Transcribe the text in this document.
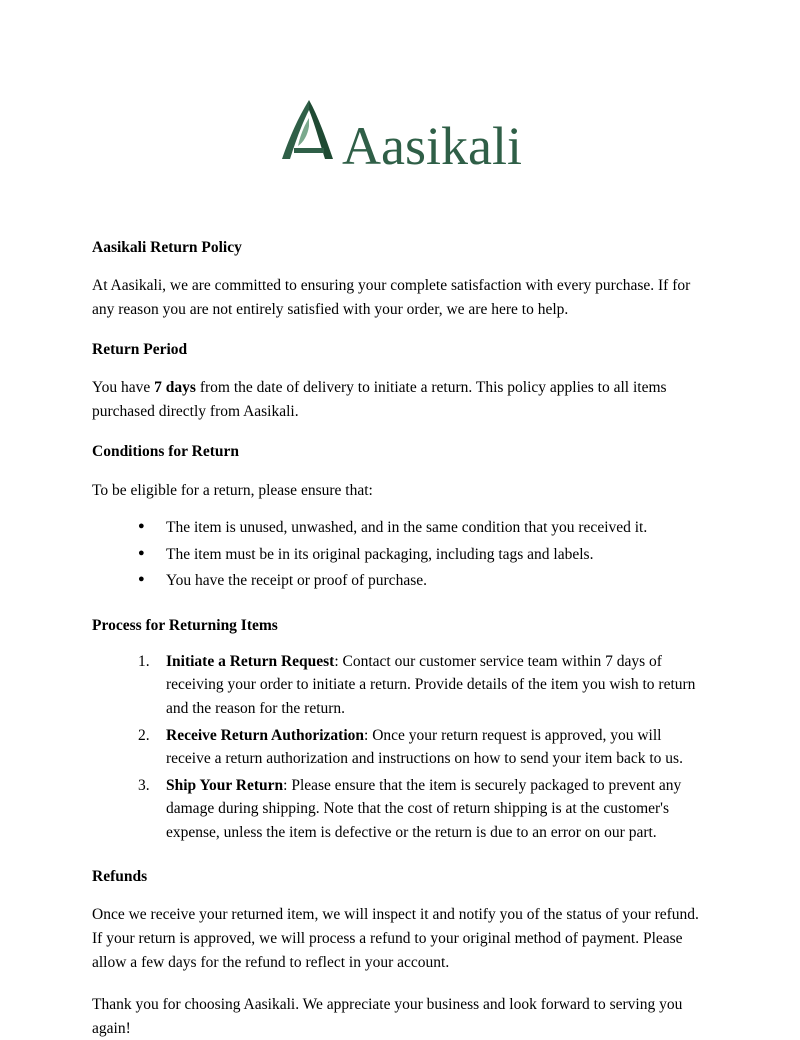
Aasikali
Aasikali Return Policy

At Aasikali, we are committed to ensuring your complete satisfaction with every purchase. If for any reason you are not entirely satisfied with your order, we are here to help.

Return Period

You have 7 days from the date of delivery to initiate a return. This policy applies to all items purchased directly from Aasikali.

Conditions for Return

To be eligible for a return, please ensure that:

● The item is unused, unwashed, and in the same condition that you received it.
● The item must be in its original packaging, including tags and labels.
● You have the receipt or proof of purchase.
Process for Returning Items
Initiate a Return Request: Contact our customer service team within 7 days of receiving your order to initiate a return. Provide details of the item you wish to return and the reason for the return.
Receive Return Authorization: Once your return request is approved, you will receive a return authorization and instructions on how to send your item back to us.
Ship Your Return: Please ensure that the item is securely packaged to prevent any damage during shipping. Note that the cost of return shipping is at the customer's expense, unless the item is defective or the return is due to an error on our part.
Refunds

Once we receive your returned item, we will inspect it and notify you of the status of your refund. If your return is approved, we will process a refund to your original method of payment. Please allow a few days for the refund to reflect in your account.

Thank you for choosing Aasikali. We appreciate your business and look forward to serving you again!
